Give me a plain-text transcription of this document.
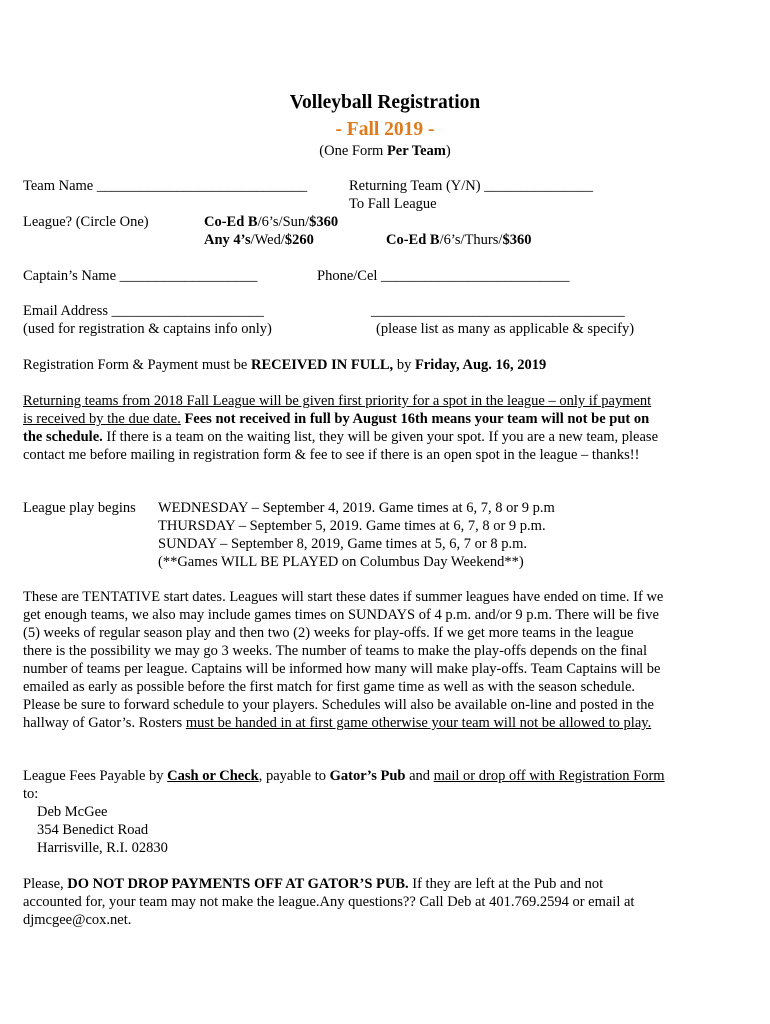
Volleyball Registration
- Fall 2019 -
(One Form Per Team)
Team Name _____________________________	Returning Team (Y/N) _______________
To Fall League
League? (Circle One)	Co-Ed B/6’s/Sun/$360
Any 4’s/Wed/$260	Co-Ed B/6’s/Thurs/$360
Captain’s Name ___________________	Phone/Cel __________________________
Email Address _____________________	___________________________________
(used for registration & captains info only)	(please list as many as applicable & specify)
Registration Form & Payment must be RECEIVED IN FULL, by Friday, Aug. 16, 2019
Returning teams from 2018 Fall League will be given first priority for a spot in the league – only if payment is received by the due date. Fees not received in full by August 16th means your team will not be put on the schedule. If there is a team on the waiting list, they will be given your spot. If you are a new team, please contact me before mailing in registration form & fee to see if there is an open spot in the league – thanks!!
League play begins WEDNESDAY – September 4, 2019. Game times at 6, 7, 8 or 9 p.m
THURSDAY – September 5, 2019. Game times at 6, 7, 8 or 9 p.m.
SUNDAY – September 8, 2019, Game times at 5, 6, 7 or 8 p.m.
(**Games WILL BE PLAYED on Columbus Day Weekend**)
These are TENTATIVE start dates. Leagues will start these dates if summer leagues have ended on time. If we get enough teams, we also may include games times on SUNDAYS of 4 p.m. and/or 9 p.m. There will be five (5) weeks of regular season play and then two (2) weeks for play-offs. If we get more teams in the league there is the possibility we may go 3 weeks. The number of teams to make the play-offs depends on the final number of teams per league. Captains will be informed how many will make play-offs. Team Captains will be emailed as early as possible before the first match for first game time as well as with the season schedule. Please be sure to forward schedule to your players. Schedules will also be available on-line and posted in the hallway of Gator’s. Rosters must be handed in at first game otherwise your team will not be allowed to play.
League Fees Payable by Cash or Check, payable to Gator’s Pub and mail or drop off with Registration Form to:
Deb McGee
354 Benedict Road
Harrisville, R.I. 02830
Please, DO NOT DROP PAYMENTS OFF AT GATOR’S PUB. If they are left at the Pub and not accounted for, your team may not make the league.Any questions?? Call Deb at 401.769.2594 or email at djmcgee@cox.net.
